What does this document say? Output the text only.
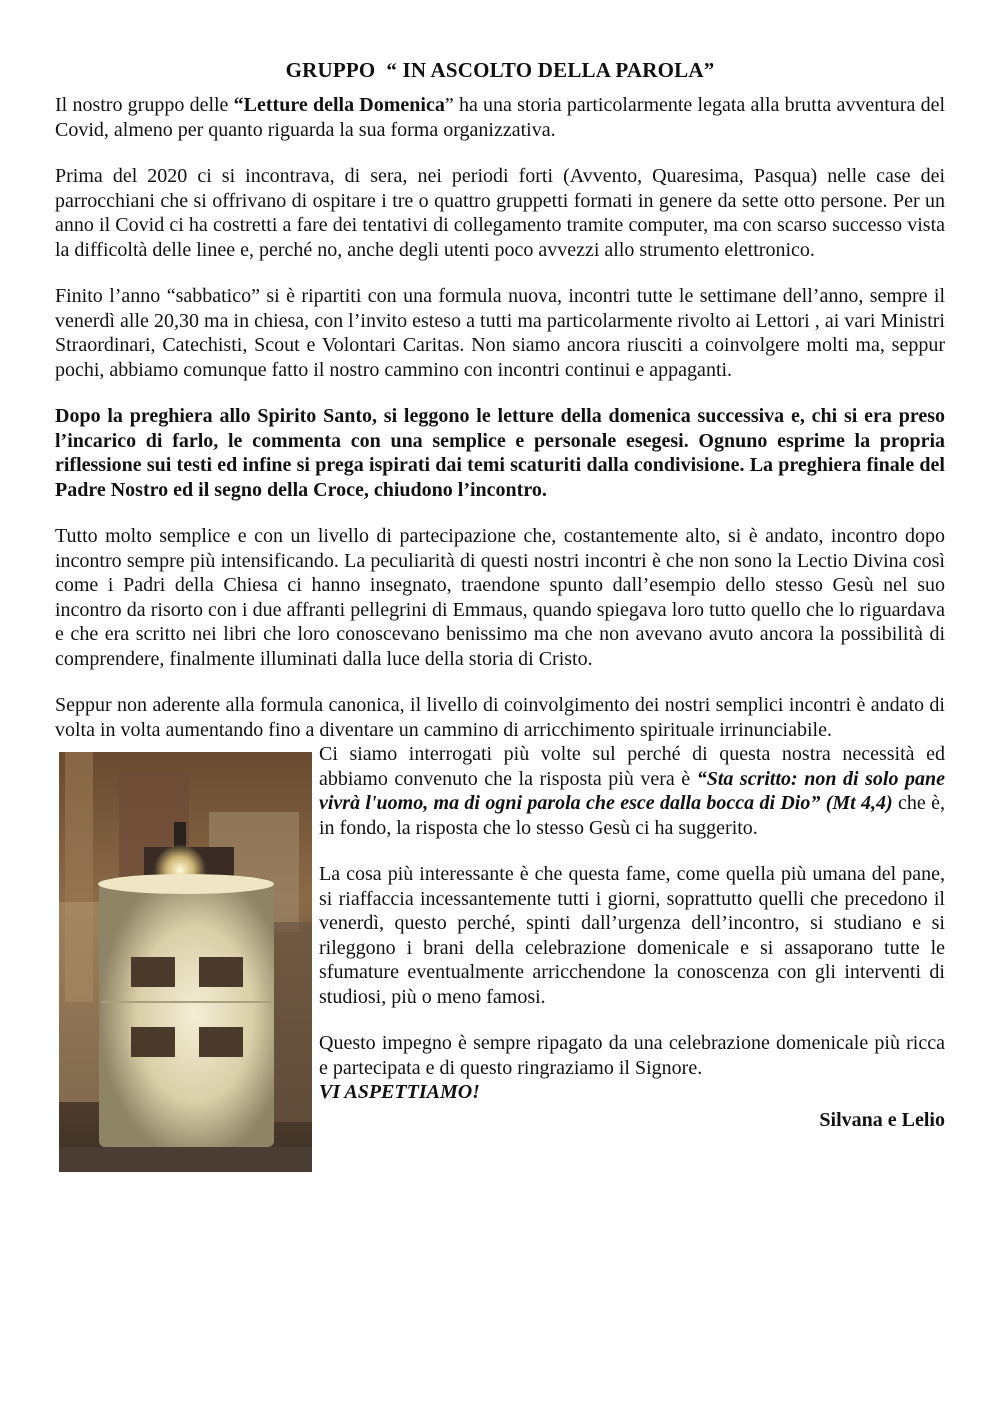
GRUPPO  “ IN ASCOLTO DELLA PAROLA”

Il nostro gruppo delle “Letture della Domenica” ha una storia particolarmente legata alla brutta avventura del Covid, almeno per quanto riguarda la sua forma organizzativa.

Prima del 2020 ci si incontrava, di sera, nei periodi forti (Avvento, Quaresima, Pasqua) nelle case dei parrocchiani che si offrivano di ospitare i tre o quattro gruppetti formati in genere da sette otto persone. Per un anno il Covid ci ha costretti a fare dei tentativi di collegamento tramite computer, ma con scarso successo vista la difficoltà delle linee e, perché no, anche degli utenti poco avvezzi allo strumento elettronico.

Finito l’anno “sabbatico” si è ripartiti con una formula nuova, incontri tutte le settimane dell’anno, sempre il venerdì alle 20,30 ma in chiesa, con l’invito esteso a tutti ma particolarmente rivolto ai Lettori , ai vari Ministri Straordinari, Catechisti, Scout e Volontari Caritas. Non siamo ancora riusciti a coinvolgere molti ma, seppur pochi, abbiamo comunque fatto il nostro cammino con incontri continui e appaganti.

Dopo la preghiera allo Spirito Santo, si leggono le letture della domenica successiva e, chi si era preso l’incarico di farlo, le commenta con una semplice e personale esegesi. Ognuno esprime la propria riflessione sui testi ed infine si prega ispirati dai temi scaturiti dalla condivisione. La preghiera finale del Padre Nostro ed il segno della Croce, chiudono l’incontro.

Tutto molto semplice e con un livello di partecipazione che, costantemente alto, si è andato, incontro dopo incontro sempre più intensificando. La peculiarità di questi nostri incontri è che non sono la Lectio Divina così come i Padri della Chiesa ci hanno insegnato, traendone spunto dall’esempio dello stesso Gesù nel suo incontro da risorto con i due affranti pellegrini di Emmaus, quando spiegava loro tutto quello che lo riguardava e che era scritto nei libri che loro conoscevano benissimo ma che non avevano avuto ancora la possibilità di comprendere, finalmente illuminati dalla luce della storia di Cristo.

Seppur non aderente alla formula canonica, il livello di coinvolgimento dei nostri semplici incontri è andato di volta in volta aumentando fino a diventare un cammino di arricchimento spirituale irrinunciabile.

Ci siamo interrogati più volte sul perché di questa nostra necessità ed abbiamo convenuto che la risposta più vera è “Sta scritto: non di solo pane vivrà l'uomo, ma di ogni parola che esce dalla bocca di Dio” (Mt 4,4) che è, in fondo, la risposta che lo stesso Gesù ci ha suggerito.

La cosa più interessante è che questa fame, come quella più umana del pane, si riaffaccia incessantemente tutti i giorni, soprattutto quelli che precedono il venerdì, questo perché, spinti dall’urgenza dell’incontro, si studiano e si rileggono i brani della celebrazione domenicale e si assaporano tutte le sfumature eventualmente arricchendone la conoscenza con gli interventi di studiosi, più o meno famosi.

Questo impegno è sempre ripagato da una celebrazione domenicale più ricca e partecipata e di questo ringraziamo il Signore.

VI ASPETTIAMO!

Silvana e Lelio
